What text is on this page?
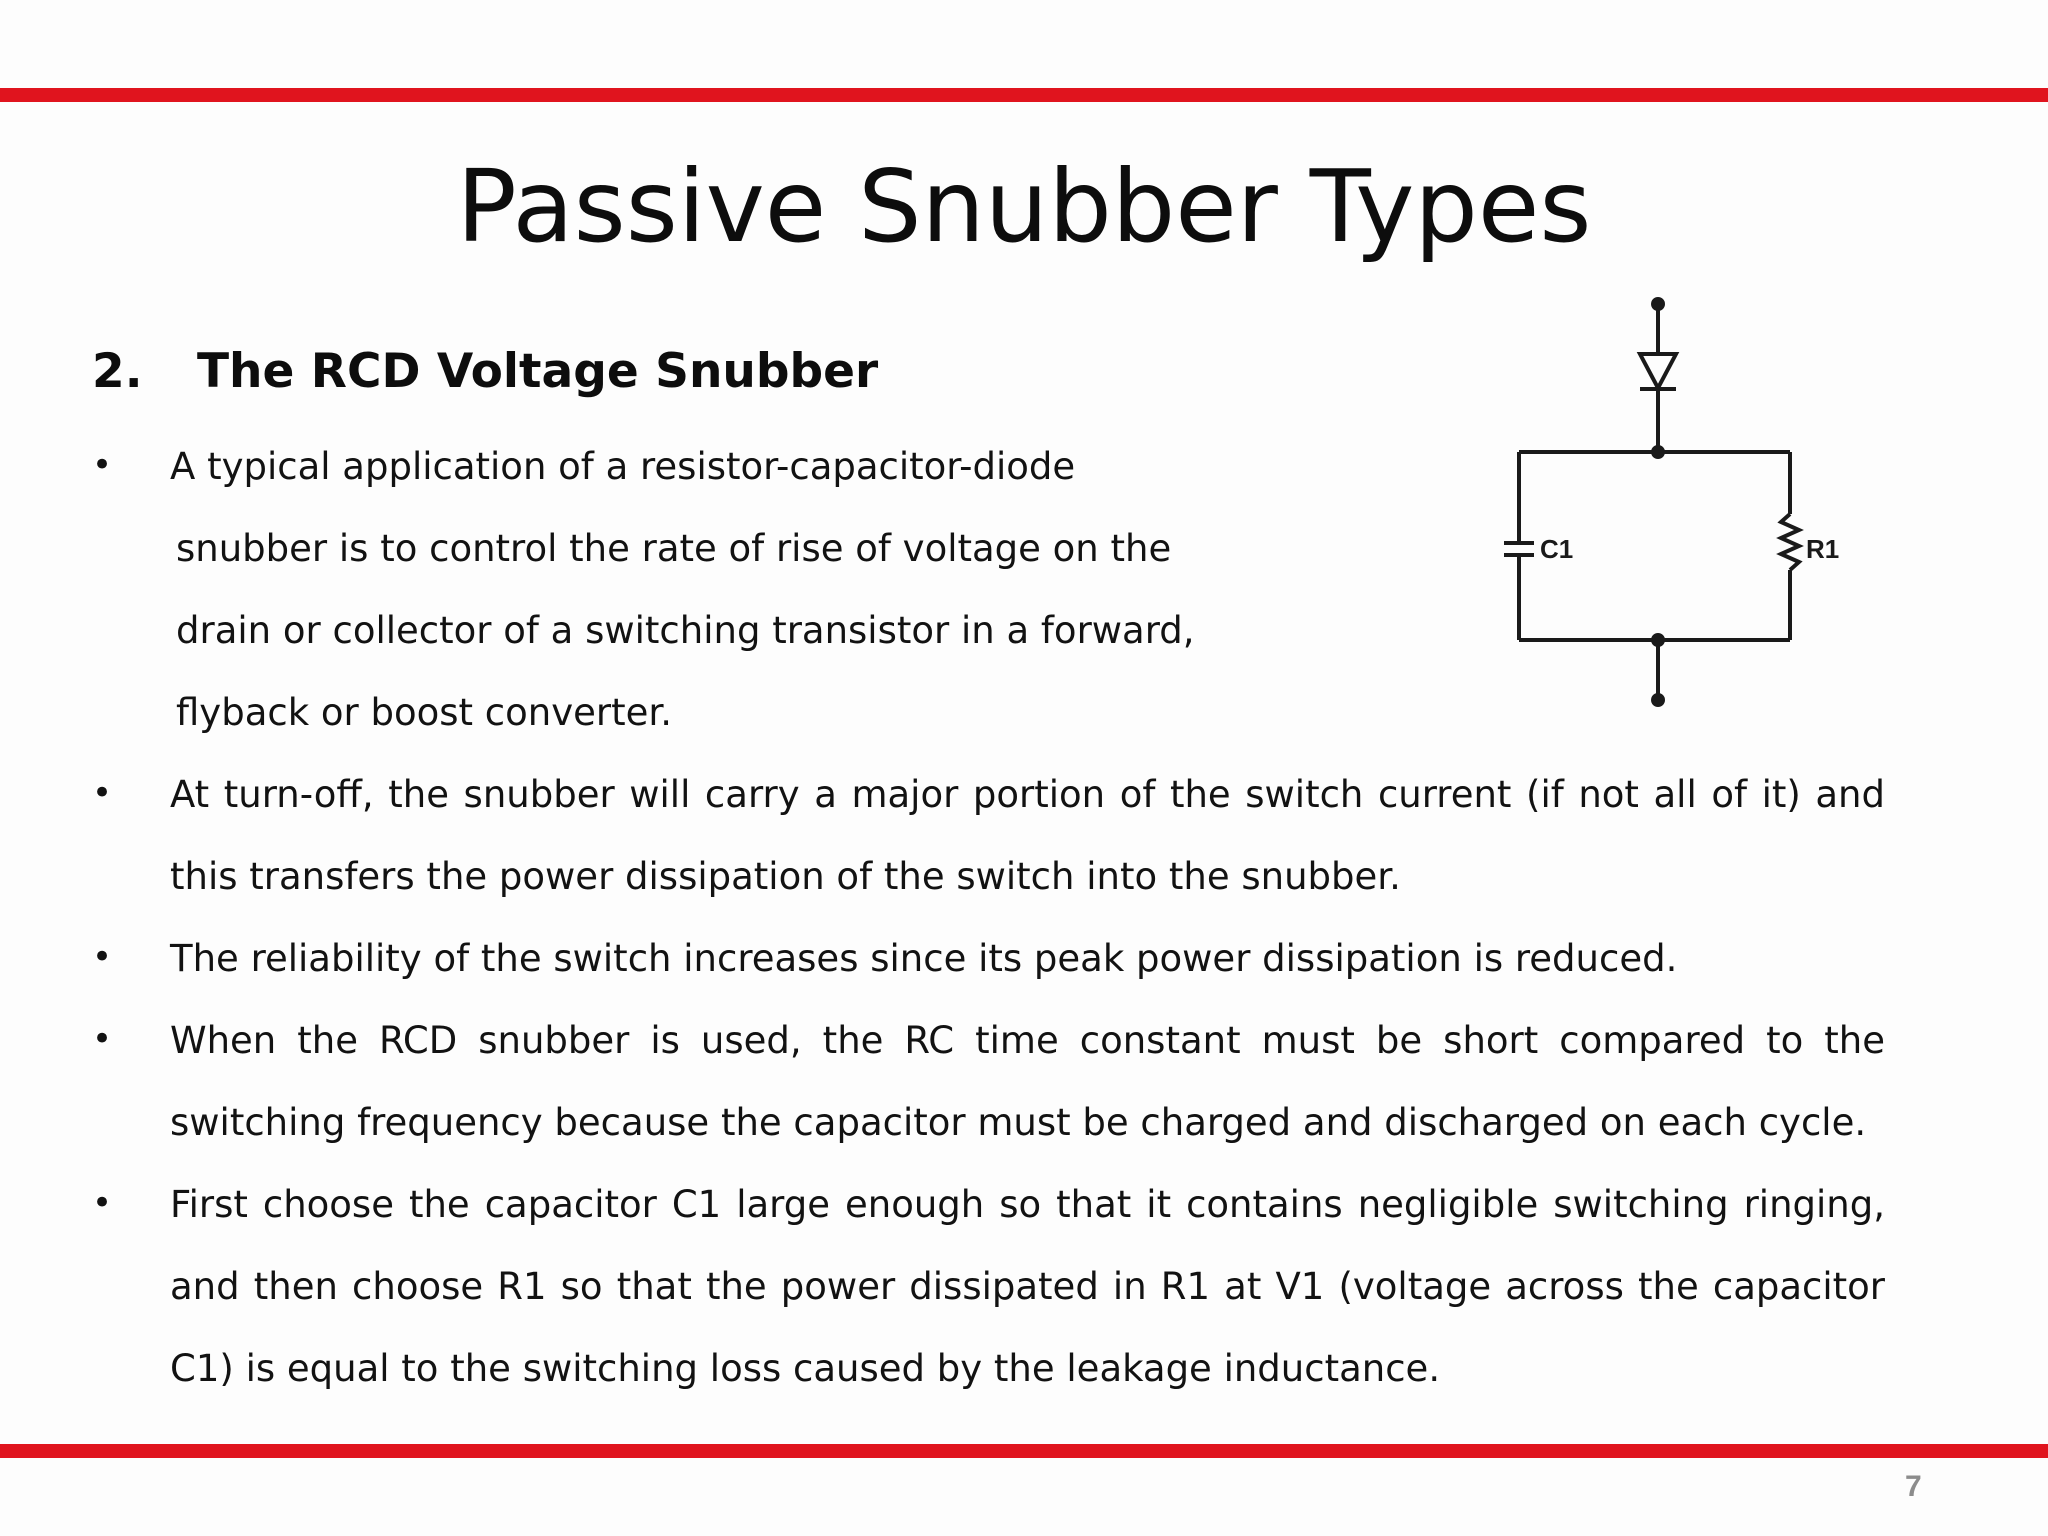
Passive Snubber Types
2. The RCD Voltage Snubber
• A typical application of a resistor-capacitor-diode
snubber is to control the rate of rise of voltage on the
drain or collector of a switching transistor in a forward,
flyback or boost converter.
• At turn-off, the snubber will carry a major portion of the switch current (if not all of it) and
this transfers the power dissipation of the switch into the snubber.
• The reliability of the switch increases since its peak power dissipation is reduced.
• When the RCD snubber is used, the RC time constant must be short compared to the
switching frequency because the capacitor must be charged and discharged on each cycle.
• First choose the capacitor C1 large enough so that it contains negligible switching ringing,
and then choose R1 so that the power dissipated in R1 at V1 (voltage across the capacitor
C1) is equal to the switching loss caused by the leakage inductance.
C1	R1
7
